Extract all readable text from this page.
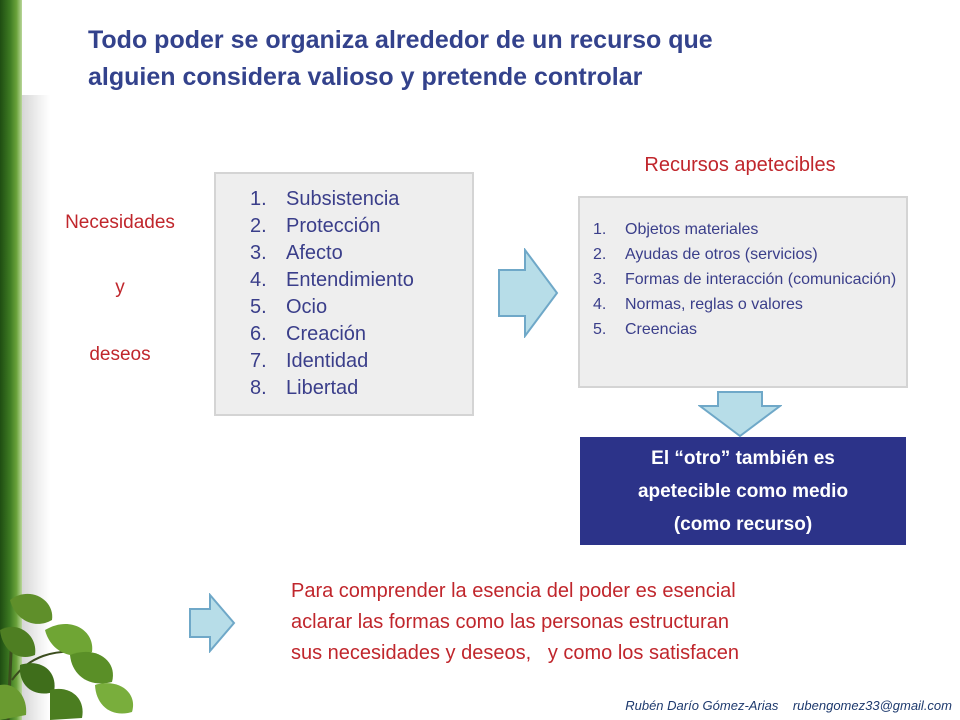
Todo poder se organiza alrededor de un recurso que
alguien considera valioso y pretende controlar
Necesidades
y
deseos
1. Subsistencia
2. Protección
3. Afecto
4. Entendimiento
5. Ocio
6. Creación
7. Identidad
8. Libertad

Recursos apetecibles

1.	Objetos materiales
2.	Ayudas de otros (servicios)
3.	Formas de interacción (comunicación)
4.	Normas, reglas o valores
5.	Creencias
El “otro” también es
apetecible como medio
(como recurso)

Para comprender la esencia del poder es esencial
aclarar las formas como las personas estructuran
sus necesidades y deseos,   y como los satisfacen

Rubén Darío Gómez-Arias    rubengomez33@gmail.com
